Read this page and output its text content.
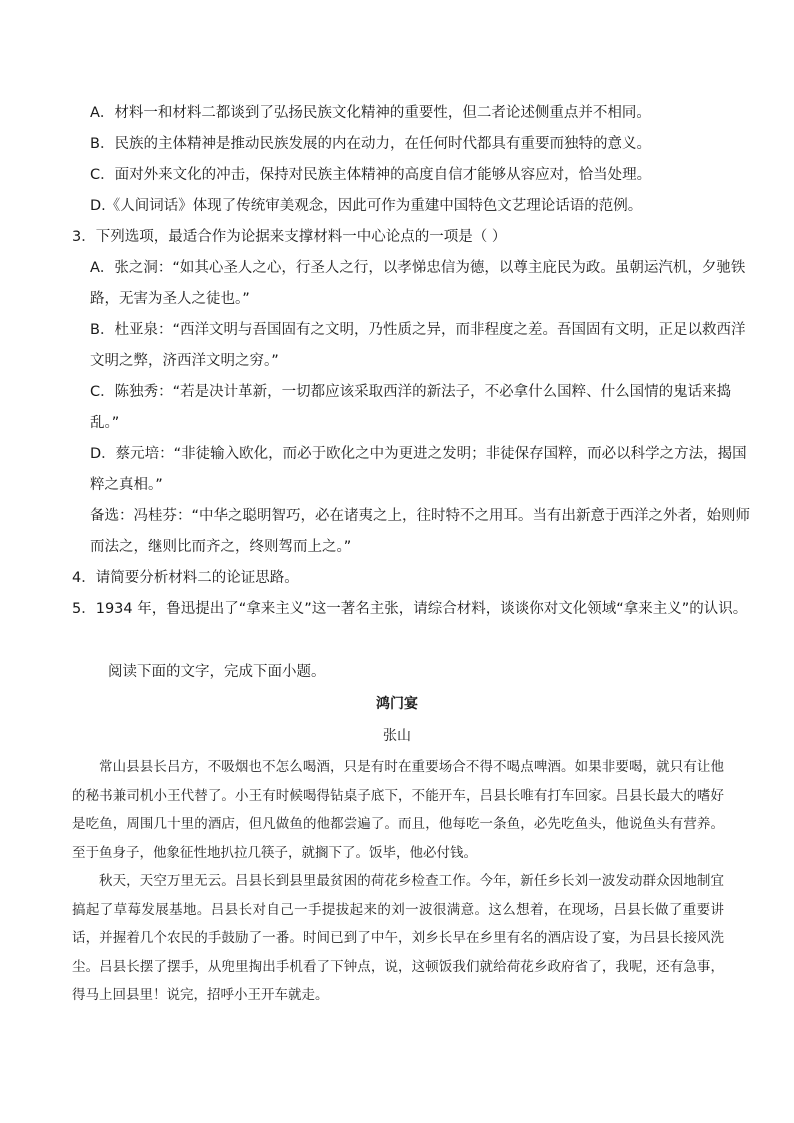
A．材料一和材料二都谈到了弘扬民族文化精神的重要性，但二者论述侧重点并不相同。
B．民族的主体精神是推动民族发展的内在动力，在任何时代都具有重要而独特的意义。
C．面对外来文化的冲击，保持对民族主体精神的高度自信才能够从容应对，恰当处理。
D.《人间词话》体现了传统审美观念，因此可作为重建中国特色文艺理论话语的范例。
3．下列选项，最适合作为论据来支撑材料一中心论点的一项是（ ）
A．张之洞：“如其心圣人之心，行圣人之行，以孝悌忠信为德，以尊主庇民为政。虽朝运汽机，夕驰铁
路，无害为圣人之徒也。”
B．杜亚泉：“西洋文明与吾国固有之文明，乃性质之异，而非程度之差。吾国固有文明，正足以救西洋
文明之弊，济西洋文明之穷。”
C．陈独秀：“若是决计革新，一切都应该采取西洋的新法子，不必拿什么国粹、什么国情的鬼话来捣
乱。”
D．蔡元培：“非徒输入欧化，而必于欧化之中为更进之发明；非徒保存国粹，而必以科学之方法，揭国
粹之真相。”
备选：冯桂芬：“中华之聪明智巧，必在诸夷之上，往时特不之用耳。当有出新意于西洋之外者，始则师
而法之，继则比而齐之，终则驾而上之。”
4．请简要分析材料二的论证思路。
5．1934 年，鲁迅提出了“拿来主义”这一著名主张，请综合材料，谈谈你对文化领域“拿来主义”的认识。
阅读下面的文字，完成下面小题。
鸿门宴
张山

常山县县长吕方，不吸烟也不怎么喝酒，只是有时在重要场合不得不喝点啤酒。如果非要喝，就只有让他的秘书兼司机小王代替了。小王有时候喝得钻桌子底下，不能开车，吕县长唯有打车回家。吕县长最大的嗜好是吃鱼，周围几十里的酒店，但凡做鱼的他都尝遍了。而且，他每吃一条鱼，必先吃鱼头，他说鱼头有营养。至于鱼身子，他象征性地扒拉几筷子，就搁下了。饭毕，他必付钱。

秋天，天空万里无云。吕县长到县里最贫困的荷花乡检查工作。今年，新任乡长刘一波发动群众因地制宜搞起了草莓发展基地。吕县长对自己一手提拔起来的刘一波很满意。这么想着，在现场，吕县长做了重要讲话，并握着几个农民的手鼓励了一番。时间已到了中午，刘乡长早在乡里有名的酒店设了宴，为吕县长接风洗尘。吕县长摆了摆手，从兜里掏出手机看了下钟点，说，这顿饭我们就给荷花乡政府省了，我呢，还有急事，得马上回县里！说完，招呼小王开车就走。
